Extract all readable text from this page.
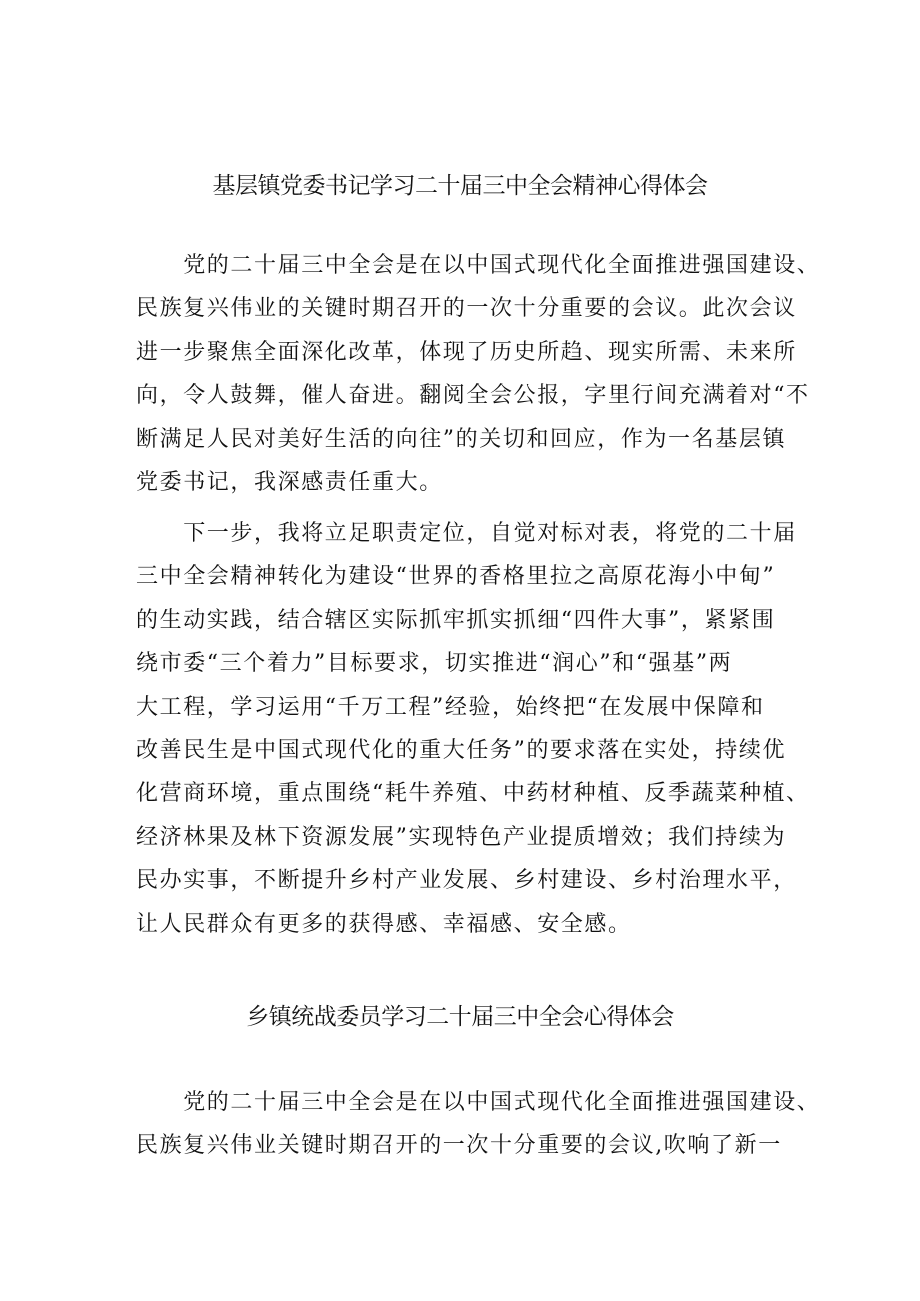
基层镇党委书记学习二十届三中全会精神心得体会
　　党的二十届三中全会是在以中国式现代化全面推进强国建设、
民族复兴伟业的关键时期召开的一次十分重要的会议。此次会议
进一步聚焦全面深化改革，体现了历史所趋、现实所需、未来所
向，令人鼓舞，催人奋进。翻阅全会公报，字里行间充满着对“不
断满足人民对美好生活的向往”的关切和回应，作为一名基层镇
党委书记，我深感责任重大。
　　下一步，我将立足职责定位，自觉对标对表，将党的二十届
三中全会精神转化为建设“世界的香格里拉之高原花海小中甸”
的生动实践，结合辖区实际抓牢抓实抓细“四件大事”，紧紧围
绕市委“三个着力”目标要求，切实推进“润心”和“强基”两
大工程，学习运用“千万工程”经验，始终把“在发展中保障和
改善民生是中国式现代化的重大任务”的要求落在实处，持续优
化营商环境，重点围绕“耗牛养殖、中药材种植、反季蔬菜种植、
经济林果及林下资源发展”实现特色产业提质增效；我们持续为
民办实事，不断提升乡村产业发展、乡村建设、乡村治理水平，
让人民群众有更多的获得感、幸福感、安全感。
乡镇统战委员学习二十届三中全会心得体会
　　党的二十届三中全会是在以中国式现代化全面推进强国建设、
民族复兴伟业关键时期召开的一次十分重要的会议,吹响了新一
